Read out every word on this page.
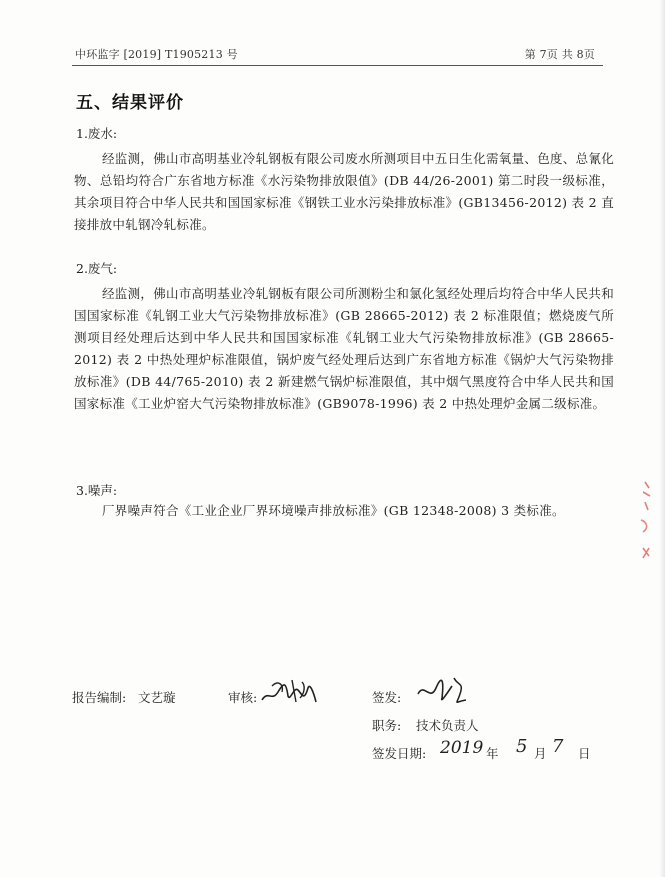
中环监字 [2019] T1905213 号	第 7页 共 8页
五、结果评价
1.废水:
经监测，佛山市高明基业冷轧钢板有限公司废水所测项目中五日生化需氧量、色度、总氰化物、总铅均符合广东省地方标准《水污染物排放限值》(DB 44/26-2001) 第二时段一级标准，其余项目符合中华人民共和国国家标准《钢铁工业水污染排放标准》(GB13456-2012) 表 2 直接排放中轧钢冷轧标准。
2.废气:
经监测，佛山市高明基业冷轧钢板有限公司所测粉尘和氯化氢经处理后均符合中华人民共和国国家标准《轧钢工业大气污染物排放标准》(GB 28665-2012) 表 2 标准限值；燃烧废气所测项目经处理后达到中华人民共和国国家标准《轧钢工业大气污染物排放标准》(GB 28665-2012) 表 2 中热处理炉标准限值，锅炉废气经处理后达到广东省地方标准《锅炉大气污染物排放标准》(DB 44/765-2010) 表 2 新建燃气锅炉标准限值，其中烟气黑度符合中华人民共和国国家标准《工业炉窑大气污染物排放标准》(GB9078-1996) 表 2 中热处理炉金属二级标准。
3.噪声:
厂界噪声符合《工业企业厂界环境噪声排放标准》(GB 12348-2008) 3 类标准。
报告编制: 文艺璇	审核:	签发:
职务: 技术负责人
签发日期: 2019 年 5 月 7 日
